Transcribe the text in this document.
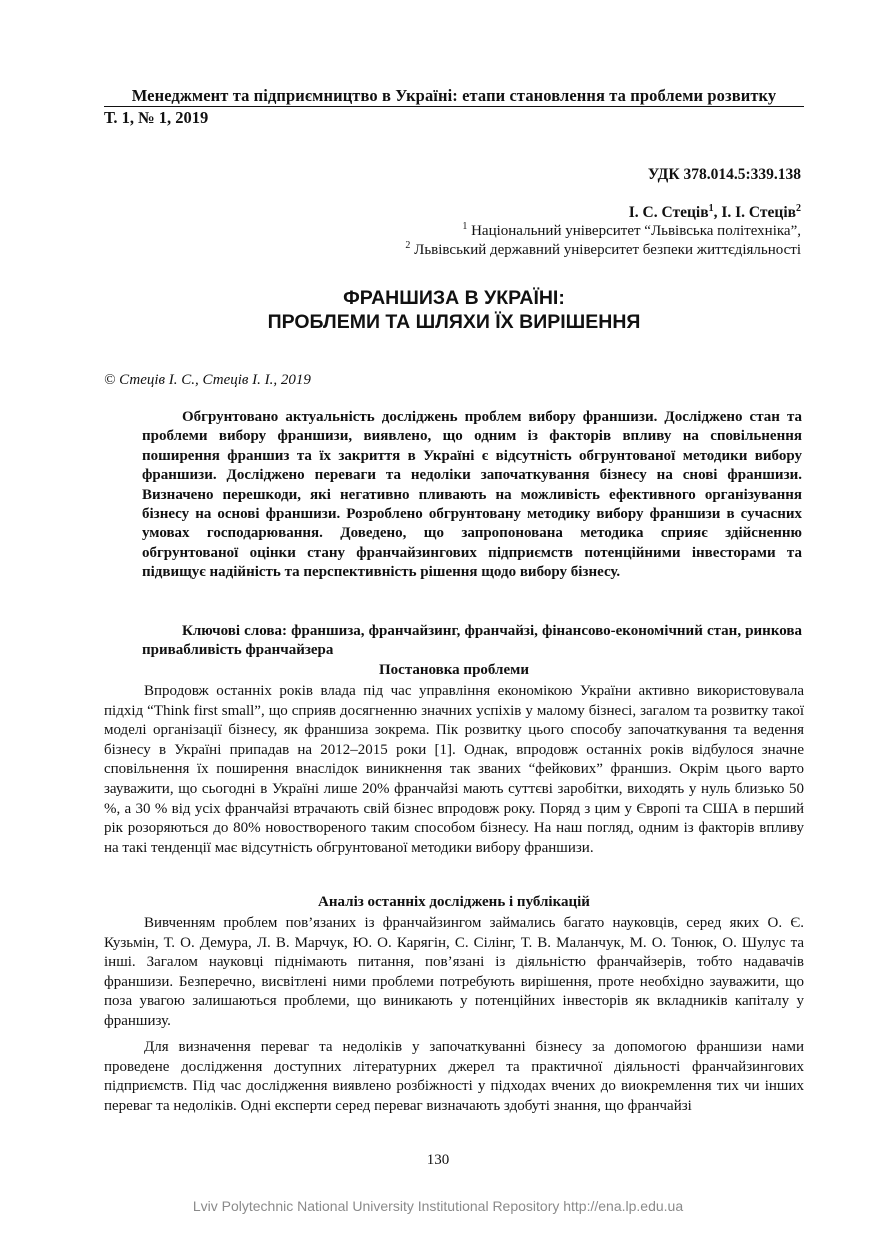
Менеджмент та підприємництво в Україні: етапи становлення та проблеми розвитку
Т. 1, № 1, 2019
УДК 378.014.5:339.138
І. С. Стецiв$^1$, І. І. Стецiв$^2$
$^1$ Національний університет “Львівська політехніка”,
$^2$ Львівський державний університет безпеки життєдіяльності
ФРАНШИЗА В УКРАЇНІ:
ПРОБЛЕМИ ТА ШЛЯХИ ЇХ ВИРІШЕННЯ
© Стецiв І. С., Стецiв І. І., 2019

Обгрунтовано актуальність досліджень проблем вибору франшизи. Досліджено стан та проблеми вибору франшизи, виявлено, що одним із факторів впливу на сповільнення поширення франшиз та їх закриття в Україні є відсутність обгрунтованої методики вибору франшизи. Досліджено переваги та недоліки започаткування бізнесу на снові франшизи. Визначено перешкоди, які негативно пливають на можливість ефективного організування бізнесу на основі франшизи. Розроблено обгрунтовану методику вибору франшизи в сучасних умовах господарювання. Доведено, що запропонована методика сприяє здійсненню обгрунтованої оцінки стану франчайзингових підприємств потенційними інвесторами та підвищує надійність та перспективність рішення щодо вибору бізнесу.

Ключові слова: франшиза, франчайзинг, франчайзі, фінансово-економічний стан, ринкова привабливість франчайзера

Постановка проблеми

Впродовж останніх років влада під час управління економікою України активно використовувала підхід “Think first small”, що сприяв досягненню значних успіхів у малому бізнесі, загалом та розвитку такої моделі організації бізнесу, як франшиза зокрема. Пік розвитку цього способу започаткування та ведення бізнесу в Україні припадав на 2012–2015 роки [1]. Однак, впродовж останніх років відбулося значне сповільнення їх поширення внаслідок виникнення так званих “фейкових” франшиз. Окрім цього варто зауважити, що сьогодні в Україні лише 20% франчайзі мають суттєві заробітки, виходять у нуль близько 50 %, а 30 % від усіх франчайзі втрачають свій бізнес впродовж року. Поряд з цим у Європі та США в перший рік розоряються до 80% новоствореного таким способом бізнесу. На наш погляд, одним із факторів впливу на такі тенденції має відсутність обгрунтованої методики вибору франшизи.

Аналіз останніх досліджень і публікацій

Вивченням проблем пов’язаних із франчайзингом займались багато науковців, серед яких О. Є. Кузьмін, Т. О. Демура, Л. В. Марчук, Ю. О. Карягін, С. Сілінг, Т. В. Маланчук, М. О. Тонюк, О. Шулус та інші. Загалом науковці піднімають питання, пов’язані із діяльністю франчайзерів, тобто надавачів франшизи. Безперечно, висвітлені ними проблеми потребують вирішення, проте необхідно зауважити, що поза увагою залишаються проблеми, що виникають у потенційних інвесторів як вкладників капіталу у франшизу.

Для визначення переваг та недоліків у започаткуванні бізнесу за допомогою франшизи нами проведене дослідження доступних літературних джерел та практичної діяльності франчайзингових підприємств. Під час дослідження виявлено розбіжності у підходах вчених до виокремлення тих чи інших переваг та недоліків. Одні експерти серед переваг визначають здобуті знання, що франчайзі

130
Lviv Polytechnic National University Institutional Repository http://ena.lp.edu.ua
